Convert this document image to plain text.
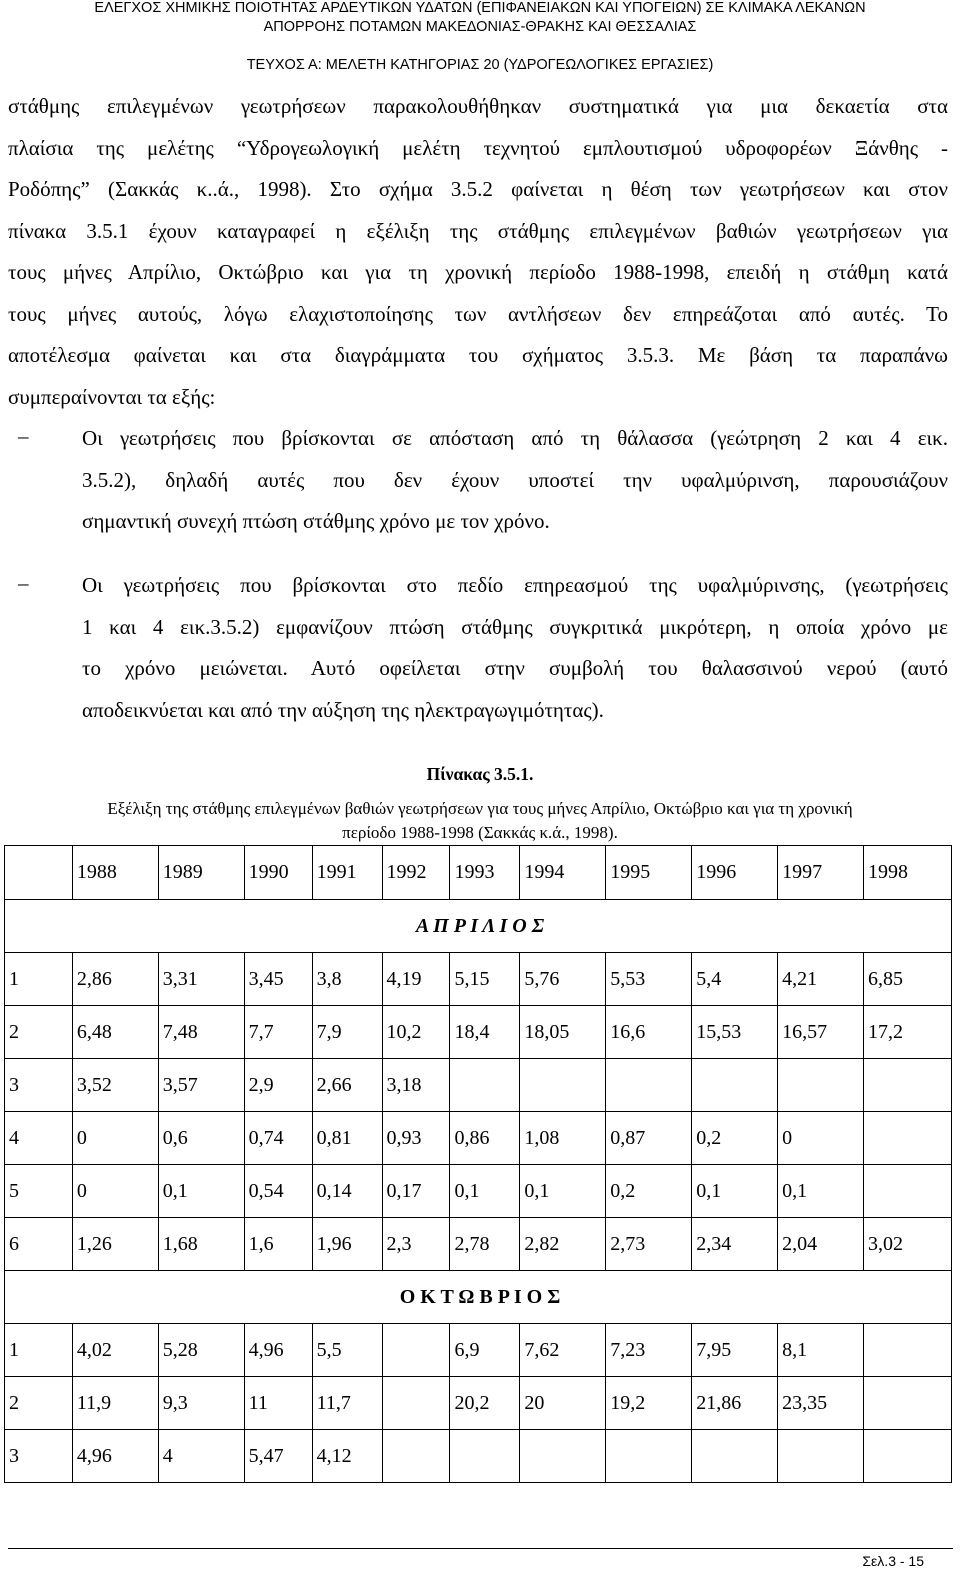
ΕΛΕΓΧΟΣ ΧΗΜΙΚΗΣ ΠΟΙΟΤΗΤΑΣ ΑΡΔΕΥΤΙΚΩΝ ΥΔΑΤΩΝ (ΕΠΙΦΑΝΕΙΑΚΩΝ ΚΑΙ ΥΠΟΓΕΙΩΝ) ΣΕ ΚΛΙΜΑΚΑ ΛΕΚΑΝΩΝ
ΑΠΟΡΡΟΗΣ ΠΟΤΑΜΩΝ ΜΑΚΕΔΟΝΙΑΣ-ΘΡΑΚΗΣ ΚΑΙ ΘΕΣΣΑΛΙΑΣ
ΤΕΥΧΟΣ Α: ΜΕΛΕΤΗ ΚΑΤΗΓΟΡΙΑΣ 20 (ΥΔΡΟΓΕΩΛΟΓΙΚΕΣ ΕΡΓΑΣΙΕΣ)
στάθμης επιλεγμένων γεωτρήσεων παρακολουθήθηκαν συστηματικά για μια δεκαετία στα
πλαίσια της μελέτης “Υδρογεωλογική μελέτη τεχνητού εμπλουτισμού υδροφορέων Ξάνθης -
Ροδόπης” (Σακκάς κ..ά., 1998). Στο σχήμα 3.5.2 φαίνεται η θέση των γεωτρήσεων και στον
πίνακα 3.5.1 έχουν καταγραφεί η εξέλιξη της στάθμης επιλεγμένων βαθιών γεωτρήσεων για
τους μήνες Απρίλιο, Οκτώβριο και για τη χρονική περίοδο 1988-1998, επειδή η στάθμη κατά
τους μήνες αυτούς, λόγω ελαχιστοποίησης των αντλήσεων δεν επηρεάζοται από αυτές. Το
αποτέλεσμα φαίνεται και στα διαγράμματα του σχήματος 3.5.3. Με βάση τα παραπάνω
συμπεραίνονται τα εξής:
–	Οι γεωτρήσεις που βρίσκονται σε απόσταση από τη θάλασσα (γεώτρηση 2 και 4 εικ.
3.5.2), δηλαδή αυτές που δεν έχουν υποστεί την υφαλμύρινση, παρουσιάζουν
σημαντική συνεχή πτώση στάθμης χρόνο με τον χρόνο.
–	Οι γεωτρήσεις που βρίσκονται στο πεδίο επηρεασμού της υφαλμύρινσης, (γεωτρήσεις
1 και 4 εικ.3.5.2) εμφανίζουν πτώση στάθμης συγκριτικά μικρότερη, η οποία χρόνο με
το χρόνο μειώνεται. Αυτό οφείλεται στην συμβολή του θαλασσινού νερού (αυτό
αποδεικνύεται και από την αύξηση της ηλεκτραγωγιμότητας).
Πίνακας 3.5.1.
Εξέλιξη της στάθμης επιλεγμένων βαθιών γεωτρήσεων για τους μήνες Απρίλιο, Οκτώβριο και για τη χρονική
περίοδο 1988-1998 (Σακκάς κ.ά., 1998).
	1988	1989	1990	1991	1992	1993	1994	1995	1996	1997	1998
Α Π Ρ Ι Λ Ι Ο Σ											
1	2,86	3,31	3,45	3,8	4,19	5,15	5,76	5,53	5,4	4,21	6,85
2	6,48	7,48	7,7	7,9	10,2	18,4	18,05	16,6	15,53	16,57	17,2
3	3,52	3,57	2,9	2,66	3,18						
4	0	0,6	0,74	0,81	0,93	0,86	1,08	0,87	0,2	0	
5	0	0,1	0,54	0,14	0,17	0,1	0,1	0,2	0,1	0,1	
6	1,26	1,68	1,6	1,96	2,3	2,78	2,82	2,73	2,34	2,04	3,02
Ο Κ Τ Ω Β Ρ Ι Ο Σ											
1	4,02	5,28	4,96	5,5		6,9	7,62	7,23	7,95	8,1	
2	11,9	9,3	11	11,7		20,2	20	19,2	21,86	23,35	
3	4,96	4	5,47	4,12							
Σελ.3 - 15
